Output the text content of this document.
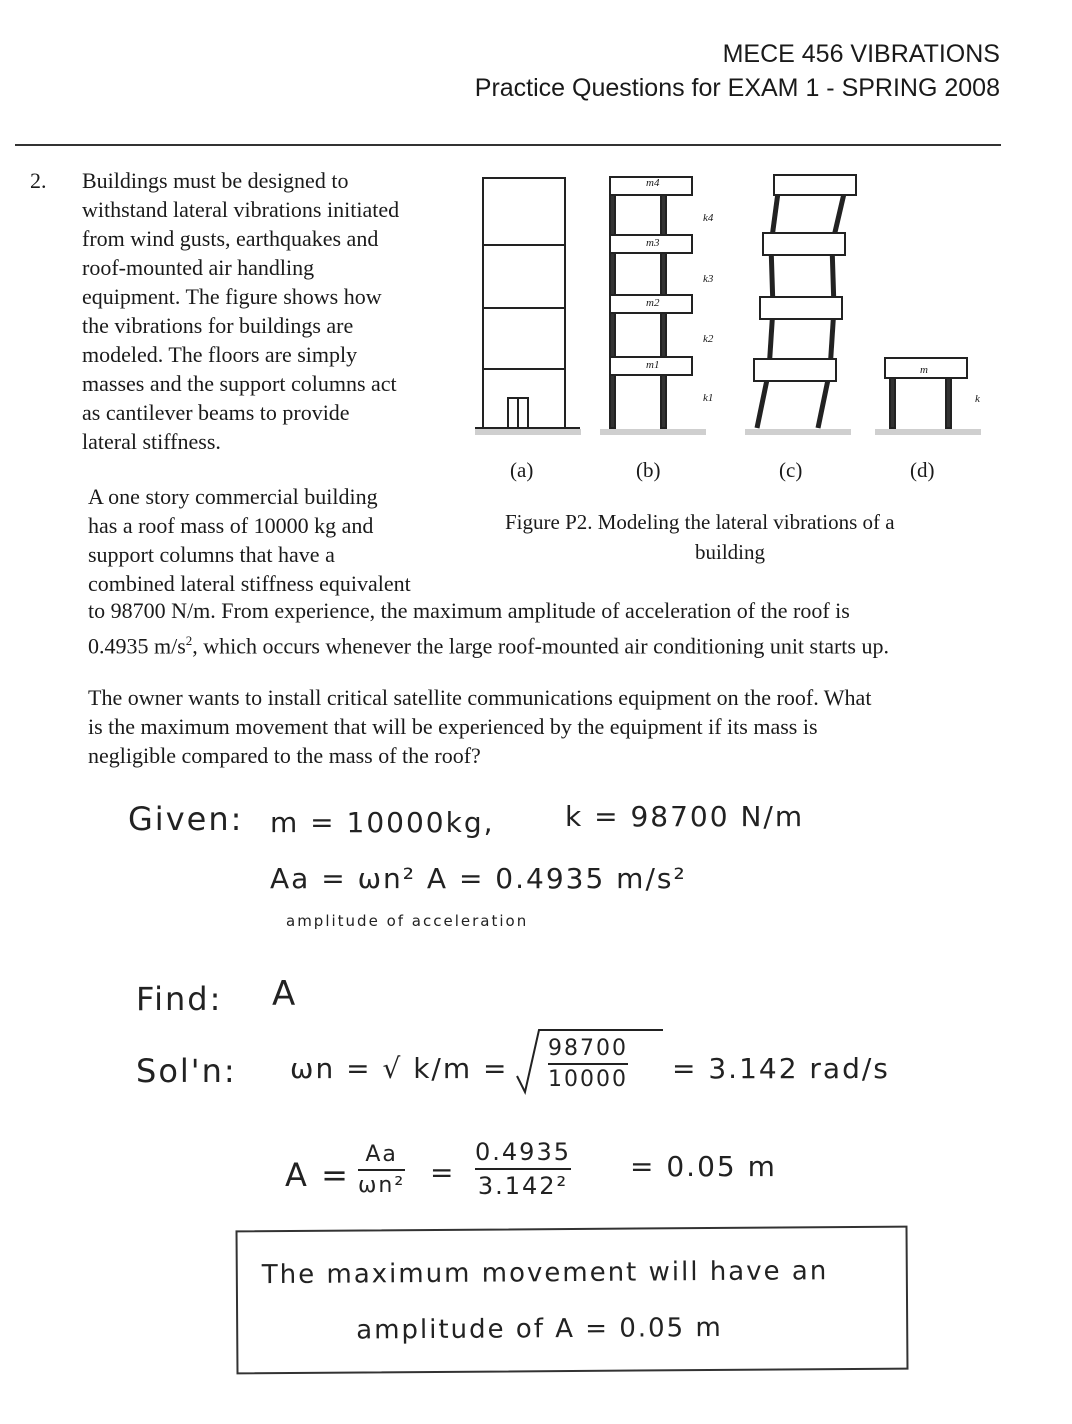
MECE 456 VIBRATIONS
Practice Questions for EXAM 1 - SPRING 2008
2. Buildings must be designed to
withstand lateral vibrations initiated
from wind gusts, earthquakes and
roof-mounted air handling
equipment. The figure shows how
the vibrations for buildings are
modeled. The floors are simply
masses and the support columns act
as cantilever beams to provide
lateral stiffness.
m4
m3
m2
m1
k4
k3
k2
k1
m
k
(a)	(b)	(c)	(d)
Figure P2. Modeling the lateral vibrations of a
building
A one story commercial building
has a roof mass of 10000 kg and
support columns that have a
combined lateral stiffness equivalent
to 98700 N/m. From experience, the maximum amplitude of acceleration of the roof is
0.4935 $m/s^2$, which occurs whenever the large roof-mounted air conditioning unit starts up.
The owner wants to install critical satellite communications equipment on the roof. What
is the maximum movement that will be experienced by the equipment if its mass is
negligible compared to the mass of the roof?
Given: m = 10000kg,	k = 98700 N/m
Aa = ωn² A = 0.4935 m/s²
amplitude of acceleration
Find: A
Sol'n: ωn = √ k/m =
98700
10000 = 3.142 rad/s
A =
Aa
ωn² =
0.4935
3.142²
= 0.05 m
The maximum movement will have an
amplitude of A = 0.05 m
